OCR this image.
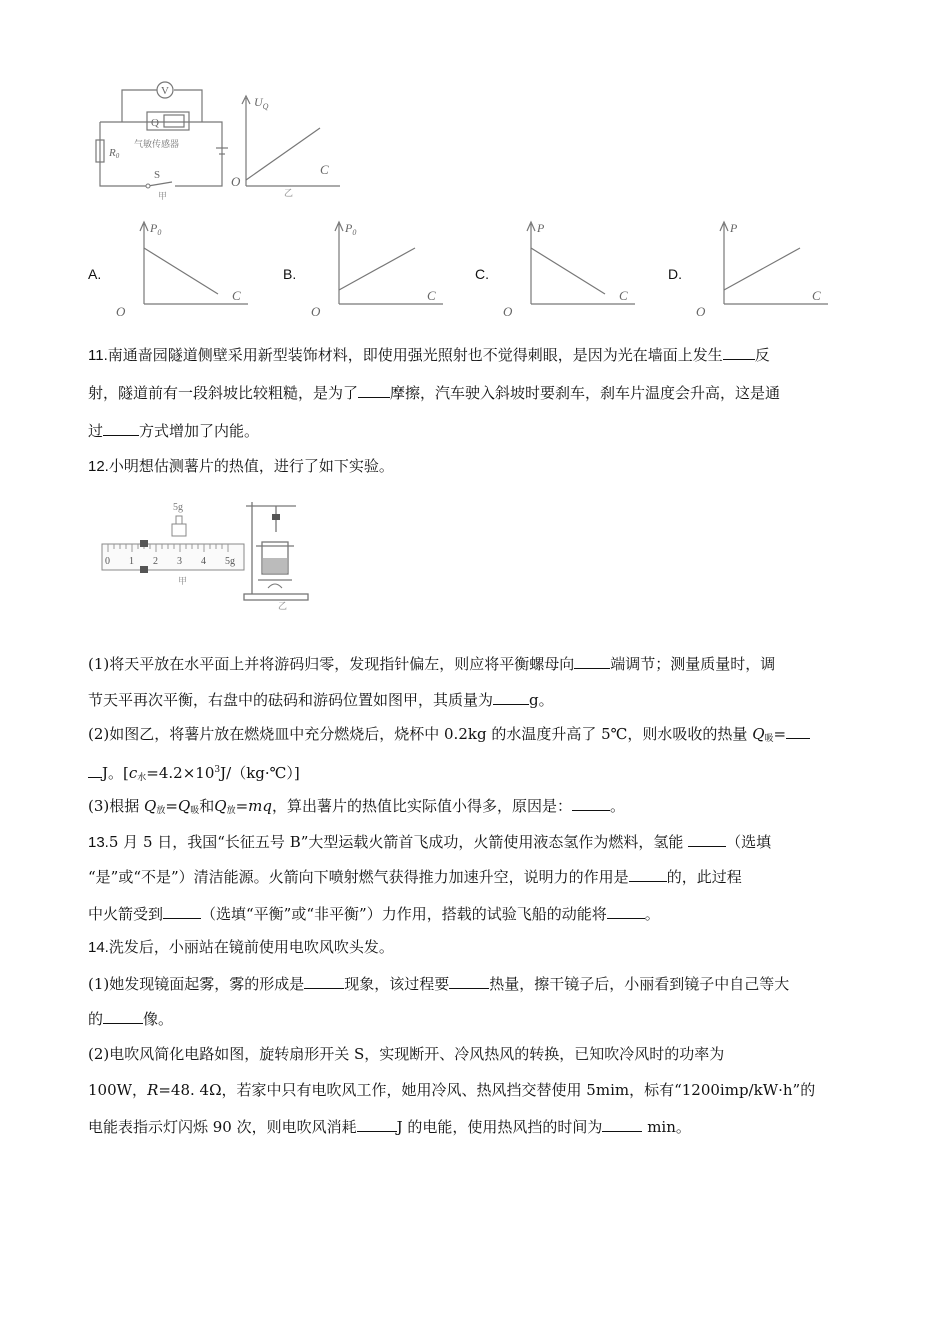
V
Q
气敏传感器
R0
S
甲
$U_Q$
C
O
乙
A.
$P_0$
C
O
B.
$P_0$
C
O
C.
P
C
O
D.
P
C
O
11.南通啬园隧道侧壁采用新型装饰材料，即使用强光照射也不觉得刺眼，是因为光在墙面上发生 反
射，隧道前有一段斜坡比较粗糙，是为了 摩擦，汽车驶入斜坡时要刹车，刹车片温度会升高，这是通
过 方式增加了内能。
12.小明想估测薯片的热值，进行了如下实验。
5g
0 1 2 3 4 5g
甲
乙
(1)将天平放在水平面上并将游码归零，发现指针偏左，则应将平衡螺母向 端调节；测量质量时，调
节天平再次平衡，右盘中的砝码和游码位置如图甲，其质量为 g。
(2)如图乙，将薯片放在燃烧皿中充分燃烧后，烧杯中 0.2kg 的水温度升高了 5℃，则水吸收的热量 $Q_吸=$
J。$[c_水=4.2\times 10^3J/(kg\cdot℃)]$
(3)根据 $Q_放=Q_吸$和$Q_放=mq$，算出薯片的热值比实际值小得多，原因是：	。
13.5 月 5 日，我国“长征五号 B”大型运载火箭首飞成功，火箭使用液态氢作为燃料，氢能	（选填
“是”或“不是”）清洁能源。火箭向下喷射燃气获得推力加速升空，说明力的作用是	的，此过程
中火箭受到	（选填“平衡”或“非平衡”）力作用，搭载的试验飞船的动能将	。
14.洗发后，小丽站在镜前使用电吹风吹头发。
(1)她发现镜面起雾，雾的形成是	现象，该过程要	热量，擦干镜子后，小丽看到镜子中自己等大
的	像。
(2)电吹风简化电路如图，旋转扇形开关 S，实现断开、冷风热风的转换，已知吹冷风时的功率为
100W，R=48. 4Ω，若家中只有电吹风工作，她用冷风、热风挡交替使用 5mim，标有“1200imp/kW·h”的
电能表指示灯闪烁 90 次，则电吹风消耗	J 的电能，使用热风挡的时间为	min。
